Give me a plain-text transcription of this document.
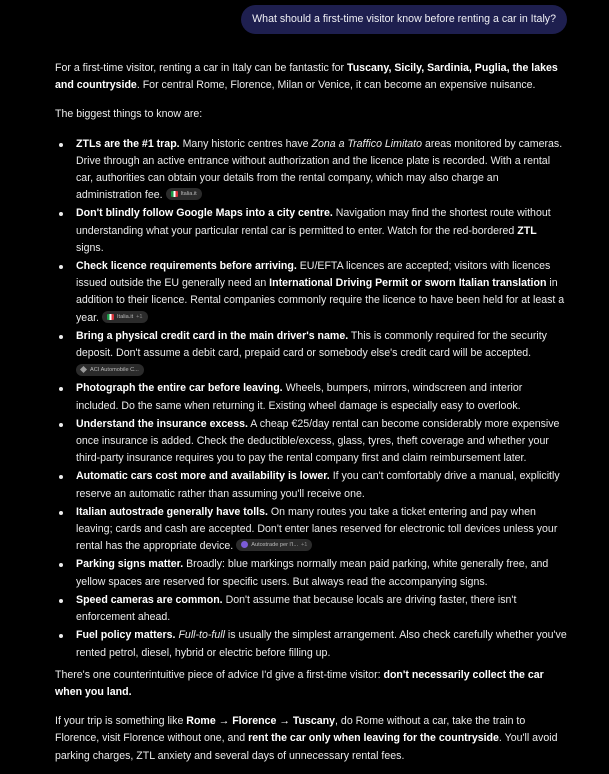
What should a first-time visitor know before renting a car in Italy?

For a first-time visitor, renting a car in Italy can be fantastic for Tuscany, Sicily, Sardinia, Puglia, the lakes and countryside. For central Rome, Florence, Milan or Venice, it can become an expensive nuisance.

The biggest things to know are:

ZTLs are the #1 trap. Many historic centres have Zona a Traffico Limitato areas monitored by cameras. Drive through an active entrance without authorization and the licence plate is recorded. With a rental car, authorities can obtain your details from the rental company, which may also charge an administration fee.	Italia.it
Don't blindly follow Google Maps into a city centre. Navigation may find the shortest route without understanding what your particular rental car is permitted to enter. Watch for the red-bordered ZTL signs.
Check licence requirements before arriving. EU/EFTA licences are accepted; visitors with licences issued outside the EU generally need an International Driving Permit or sworn Italian translation in addition to their licence. Rental companies commonly require the licence to have been held for at least a year.	Italia.it +1
Bring a physical credit card in the main driver's name. This is commonly required for the security deposit. Don't assume a debit card, prepaid card or somebody else's credit card will be accepted.

ACI Automobile C...
Photograph the entire car before leaving. Wheels, bumpers, mirrors, windscreen and interior included. Do the same when returning it. Existing wheel damage is especially easy to overlook.
Understand the insurance excess. A cheap €25/day rental can become considerably more expensive once insurance is added. Check the deductible/excess, glass, tyres, theft coverage and whether your third-party insurance requires you to pay the rental company first and claim reimbursement later.
Automatic cars cost more and availability is lower. If you can't comfortably drive a manual, explicitly reserve an automatic rather than assuming you'll receive one.
Italian autostrade generally have tolls. On many routes you take a ticket entering and pay when leaving; cards and cash are accepted. Don't enter lanes reserved for electronic toll devices unless your rental has the appropriate device.	Autostrade per l'I... +1
Parking signs matter. Broadly: blue markings normally mean paid parking, white generally free, and yellow spaces are reserved for specific users. But always read the accompanying signs.
Speed cameras are common. Don't assume that because locals are driving faster, there isn't enforcement ahead.
Fuel policy matters. Full-to-full is usually the simplest arrangement. Also check carefully whether you've rented petrol, diesel, hybrid or electric before filling up.

There's one counterintuitive piece of advice I'd give a first-time visitor: don't necessarily collect the car when you land.

If your trip is something like Rome → Florence → Tuscany, do Rome without a car, take the train to Florence, visit Florence without one, and rent the car only when leaving for the countryside. You'll avoid parking charges, ZTL anxiety and several days of unnecessary rental fees.
